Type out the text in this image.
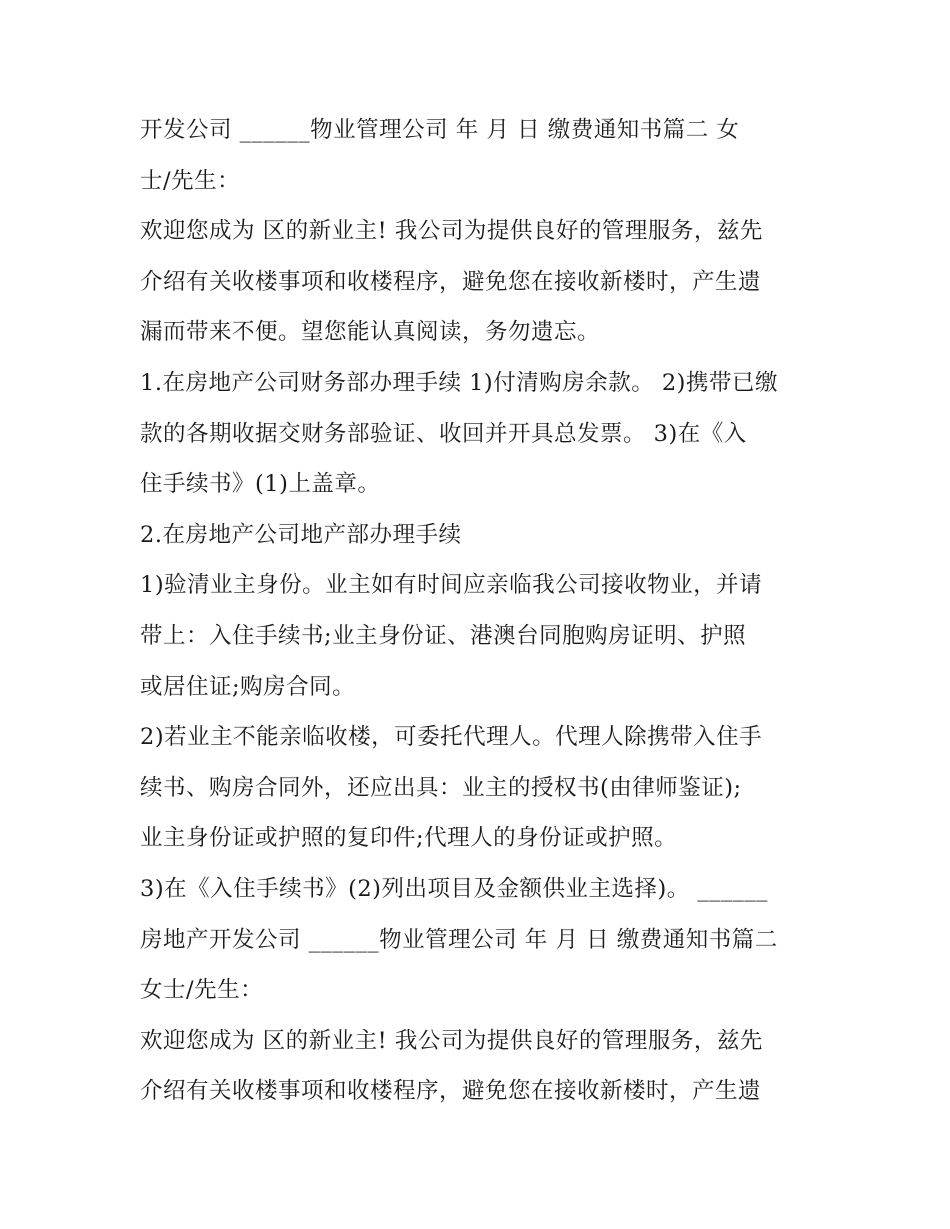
开发公司 ______物业管理公司 年 月 日 缴费通知书篇二 女
士/先生：
欢迎您成为 区的新业主! 我公司为提供良好的管理服务，兹先
介绍有关收楼事项和收楼程序，避免您在接收新楼时，产生遗
漏而带来不便。望您能认真阅读，务勿遗忘。
1.在房地产公司财务部办理手续 1)付清购房余款。 2)携带已缴
款的各期收据交财务部验证、收回并开具总发票。 3)在《入
住手续书》(1)上盖章。
2.在房地产公司地产部办理手续
1)验清业主身份。业主如有时间应亲临我公司接收物业，并请
带上：入住手续书;业主身份证、港澳台同胞购房证明、护照
或居住证;购房合同。
2)若业主不能亲临收楼，可委托代理人。代理人除携带入住手
续书、购房合同外，还应出具：业主的授权书(由律师鉴证);
业主身份证或护照的复印件;代理人的身份证或护照。
3)在《入住手续书》(2)列出项目及金额供业主选择)。 ______
房地产开发公司 ______物业管理公司 年 月 日 缴费通知书篇二
女士/先生：
欢迎您成为 区的新业主! 我公司为提供良好的管理服务，兹先
介绍有关收楼事项和收楼程序，避免您在接收新楼时，产生遗
